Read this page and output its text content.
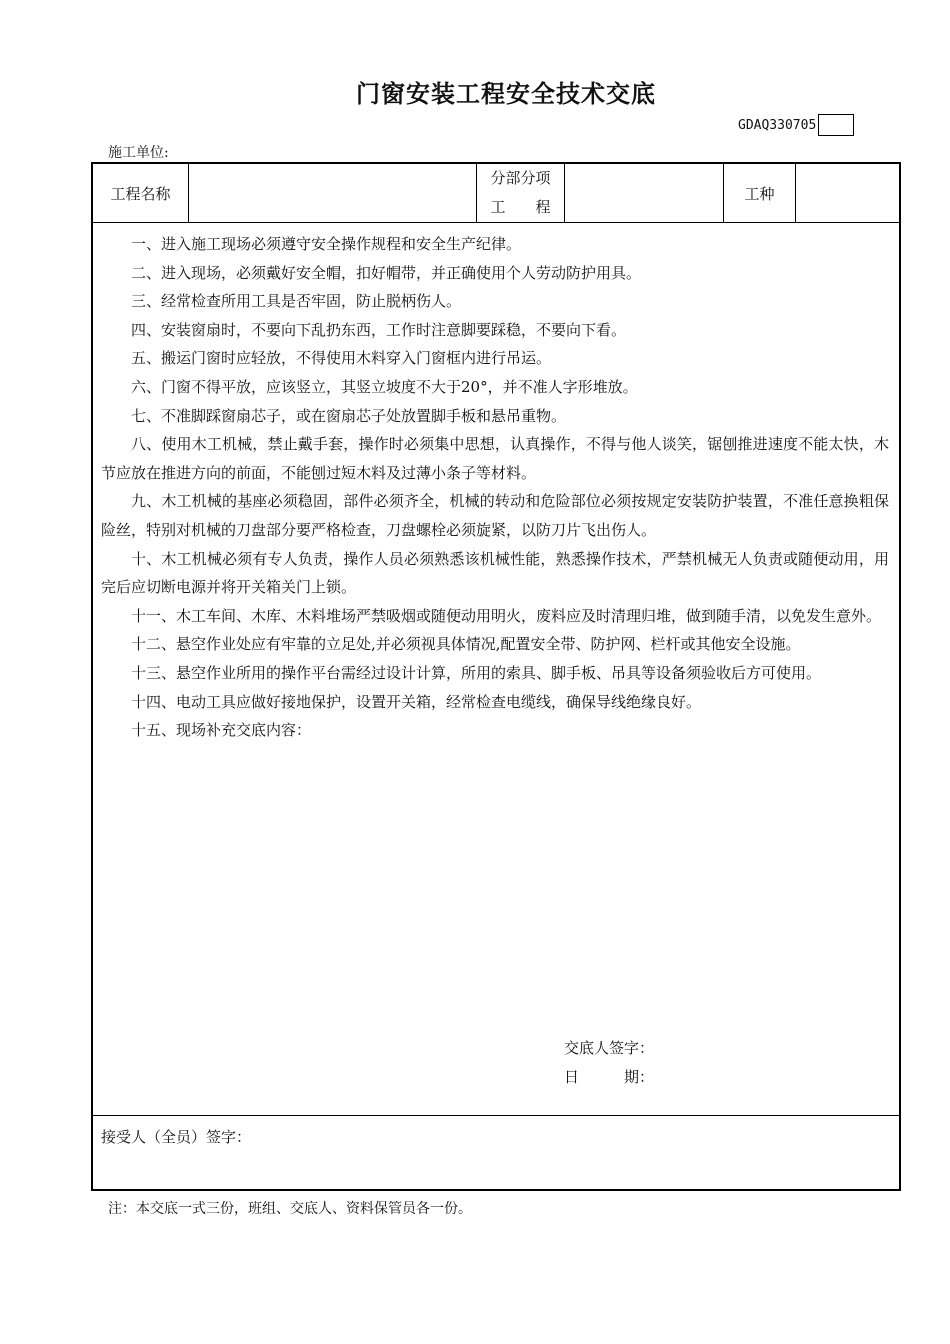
门窗安装工程安全技术交底
GDAQ330705
施工单位:
工程名称
分部分项
工　　程
工种

一、进入施工现场必须遵守安全操作规程和安全生产纪律。

二、进入现场，必须戴好安全帽，扣好帽带，并正确使用个人劳动防护用具。

三、经常检查所用工具是否牢固，防止脱柄伤人。

四、安装窗扇时，不要向下乱扔东西，工作时注意脚要踩稳，不要向下看。

五、搬运门窗时应轻放，不得使用木料穿入门窗框内进行吊运。

六、门窗不得平放，应该竖立，其竖立坡度不大于20°，并不准人字形堆放。

七、不准脚踩窗扇芯子，或在窗扇芯子处放置脚手板和悬吊重物。

八、使用木工机械，禁止戴手套，操作时必须集中思想，认真操作，不得与他人谈笑，锯刨推进速度不能太快，木节应放在推进方向的前面，不能刨过短木料及过薄小条子等材料。

九、木工机械的基座必须稳固，部件必须齐全，机械的转动和危险部位必须按规定安装防护装置，不准任意换粗保险丝，特别对机械的刀盘部分要严格检查，刀盘螺栓必须旋紧，以防刀片飞出伤人。

十、木工机械必须有专人负责，操作人员必须熟悉该机械性能，熟悉操作技术，严禁机械无人负责或随便动用，用完后应切断电源并将开关箱关门上锁。

十一、木工车间、木库、木料堆场严禁吸烟或随便动用明火，废料应及时清理归堆，做到随手清，以免发生意外。

十二、悬空作业处应有牢靠的立足处,并必须视具体情况,配置安全带、防护网、栏杆或其他安全设施。

十三、悬空作业所用的操作平台需经过设计计算，所用的索具、脚手板、吊具等设备须验收后方可使用。

十四、电动工具应做好接地保护，设置开关箱，经常检查电缆线，确保导线绝缘良好。

十五、现场补充交底内容：

交底人签字：
日　　　期：
接受人（全员）签字：
注：本交底一式三份，班组、交底人、资料保管员各一份。
